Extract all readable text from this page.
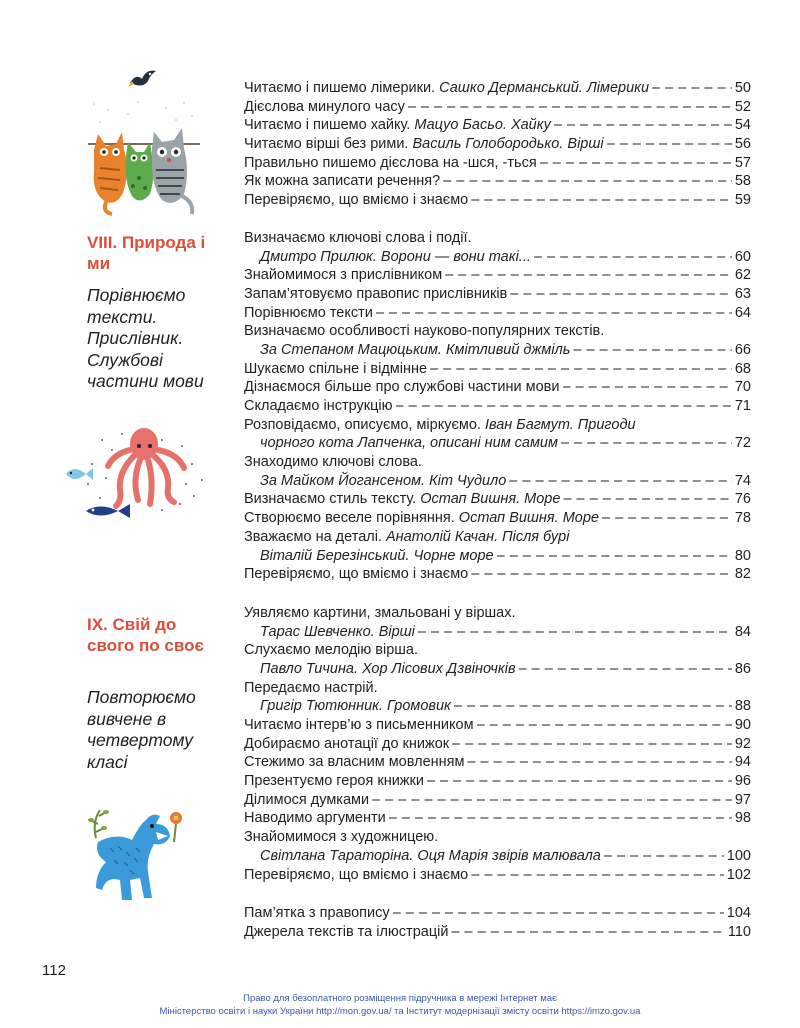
VIII. Природа і ми
Порівнюємо тексти. Прислівник. Службові частини мови
IX. Свій до свого по своє
Повторюємо вивчене в четвертому класі
Читаємо і пишемо лімерики. Сашко Дерманський. Лімерики – – –	50
Дієслова минулого часу – – –	52
Читаємо і пишемо хайку. Мацуо Басьо. Хайку – – –	54
Читаємо вірші без рими. Василь Голобородько. Вірші – – –	56
Правильно пишемо дієслова на -шся, -ться – – –	57
Як можна записати речення? – – –	58
Перевіряємо, що вміємо і знаємо – – –	59
Визначаємо ключові слова і події.
Дмитро Прилюк. Ворони — вони такі... – – –	60
Знайомимося з прислівником – – –	62
Запам’ятовуємо правопис прислівників – – –	63
Порівнюємо тексти – – –	64
Визначаємо особливості науково-популярних текстів.
За Степаном Мацюцьким. Кмітливий джміль – – –	66
Шукаємо спільне і відмінне – – –	68
Дізнаємося більше про службові частини мови – – –	70
Складаємо інструкцію – – –	71
Розповідаємо, описуємо, міркуємо. Іван Багмут. Пригоди
чорного кота Лапченка, описані ним самим – – –	72
Знаходимо ключові слова.
За Майком Йогансеном. Кіт Чудило – – –	74
Визначаємо стиль тексту. Остап Вишня. Море – – –	76
Створюємо веселе порівняння. Остап Вишня. Море – – –	78
Зважаємо на деталі. Анатолій Качан. Після бурі
Віталій Березінський. Чорне море – – –	80
Перевіряємо, що вміємо і знаємо – – –	82
Уявляємо картини, змальовані у віршах.
Тарас Шевченко. Вірші – – –	84
Слухаємо мелодію вірша.
Павло Тичина. Хор Лісових Дзвіночків – – –	86
Передаємо настрій.
Григір Тютюнник. Громовик – – –	88
Читаємо інтерв’ю з письменником – – –	90
Добираємо анотації до книжок – – –	92
Стежимо за власним мовленням – – –	94
Презентуємо героя книжки – – –	96
Ділимося думками – – –	97
Наводимо аргументи – – –	98
Знайомимося з художницею.
Світлана Тараторіна. Оця Марія звірів малювала – – –	100
Перевіряємо, що вміємо і знаємо – – –	102
Пам’ятка з правопису – – –	104
Джерела текстів та ілюстрацій – – –	110
112
Право для безоплатного розміщення підручника в мережі Інтернет має
Міністерство освіти і науки України http://mon.gov.ua/ та Інститут модернізації змісту освіти https://imzo.gov.ua
